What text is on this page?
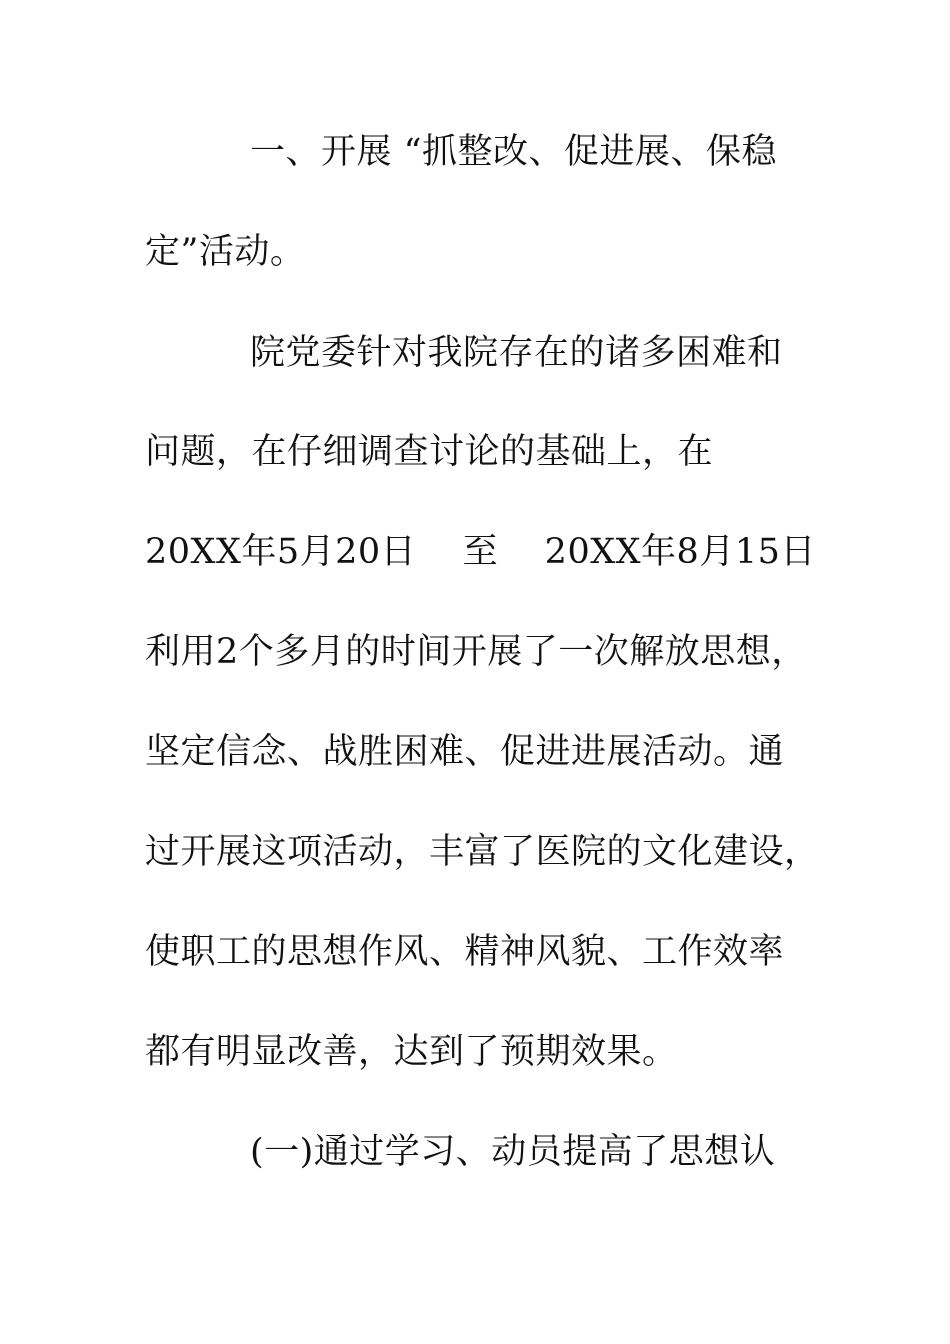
一、开展 “抓整改、促进展、保稳
定”活动。
院党委针对我院存在的诸多困难和
问题，在仔细调查讨论的基础上，在
20XX年5月20日    至    20XX年8月15日
利用2个多月的时间开展了一次解放思想，
坚定信念、战胜困难、促进进展活动。通
过开展这项活动，丰富了医院的文化建设，
使职工的思想作风、精神风貌、工作效率
都有明显改善，达到了预期效果。
(一)通过学习、动员提高了思想认
